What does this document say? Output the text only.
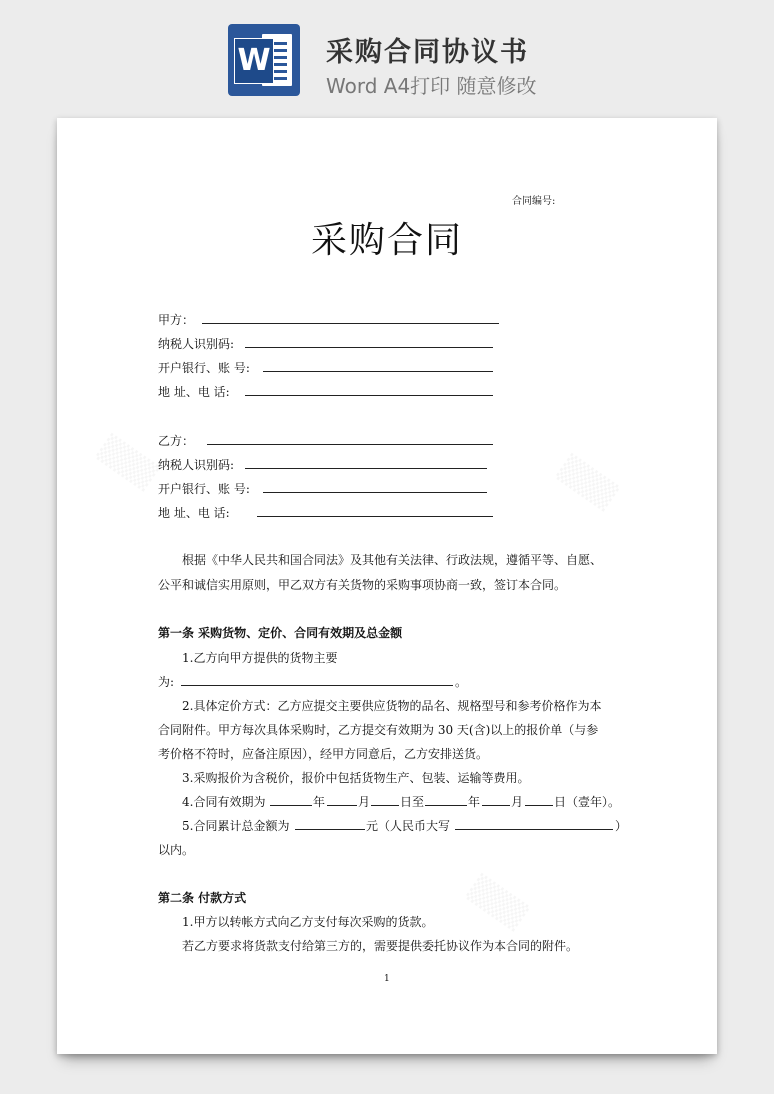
W 采购合同协议书
Word A4打印 随意修改
合同编号:
采购合同
甲方：
纳税人识别码:
开户银行、账 号:
地 址、电 话:
乙方：
纳税人识别码:
开户银行、账 号:
地 址、电 话:
根据《中华人民共和国合同法》及其他有关法律、行政法规，遵循平等、自愿、
公平和诚信实用原则，甲乙双方有关货物的采购事项协商一致，签订本合同。
第一条 采购货物、定价、合同有效期及总金额
1.乙方向甲方提供的货物主要
为:	。
2.具体定价方式：乙方应提交主要供应货物的品名、规格型号和参考价格作为本
合同附件。甲方每次具体采购时，乙方提交有效期为 30 天(含)以上的报价单（与参
考价格不符时，应备注原因），经甲方同意后，乙方安排送货。
3.采购报价为含税价，报价中包括货物生产、包装、运输等费用。
4.合同有效期为	年	月 日至	年	月	日（壹年）。
5.合同累计总金额为	元（人民币大写	）
以内。
第二条 付款方式
1.甲方以转帐方式向乙方支付每次采购的货款。
若乙方要求将货款支付给第三方的，需要提供委托协议作为本合同的附件。
1
